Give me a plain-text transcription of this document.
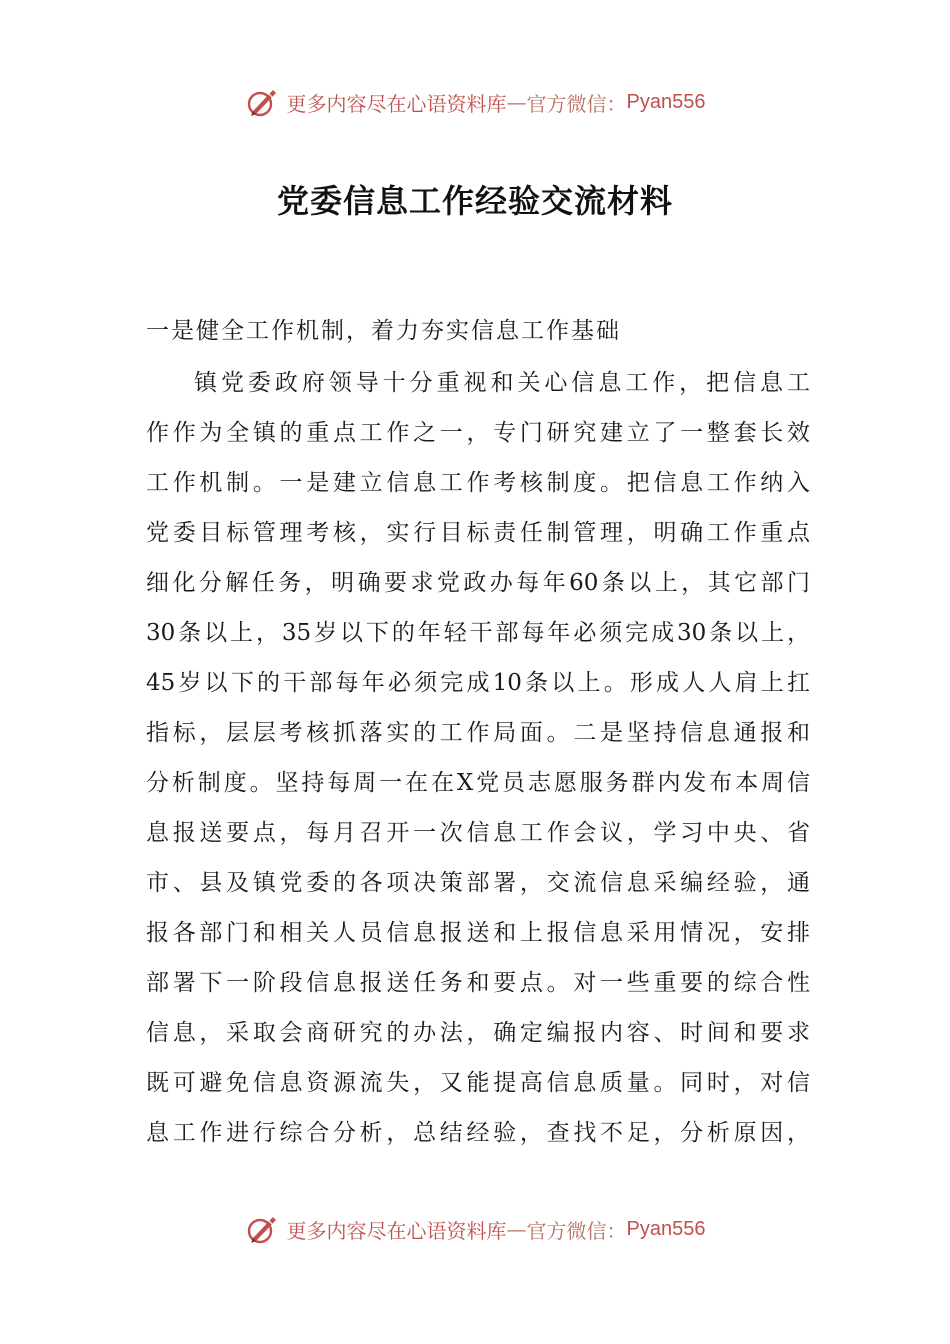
更多内容尽在心语资料库 — 官方微信： Pyan556
党委信息工作经验交流材料
一是健全工作机制，着力夯实信息工作基础
镇党委政府领导十分重视和关心信息工作，把信息工
作作为全镇的重点工作之一，专门研究建立了一整套长效
工作机制。一是建立信息工作考核制度。把信息工作纳入
党委目标管理考核，实行目标责任制管理，明确工作重点
细化分解任务，明确要求党政办每年60条以上，其它部门
30条以上，35岁以下的年轻干部每年必须完成30条以上，
45岁以下的干部每年必须完成10条以上。形成人人肩上扛
指标，层层考核抓落实的工作局面。二是坚持信息通报和
分析制度。坚持每周一在在X党员志愿服务群内发布本周信
息报送要点，每月召开一次信息工作会议，学习中央、省
市、县及镇党委的各项决策部署，交流信息采编经验，通
报各部门和相关人员信息报送和上报信息采用情况，安排
部署下一阶段信息报送任务和要点。对一些重要的综合性
信息，采取会商研究的办法，确定编报内容、时间和要求
既可避免信息资源流失，又能提高信息质量。同时，对信
息工作进行综合分析，总结经验，查找不足，分析原因，
更多内容尽在心语资料库 — 官方微信： Pyan556
